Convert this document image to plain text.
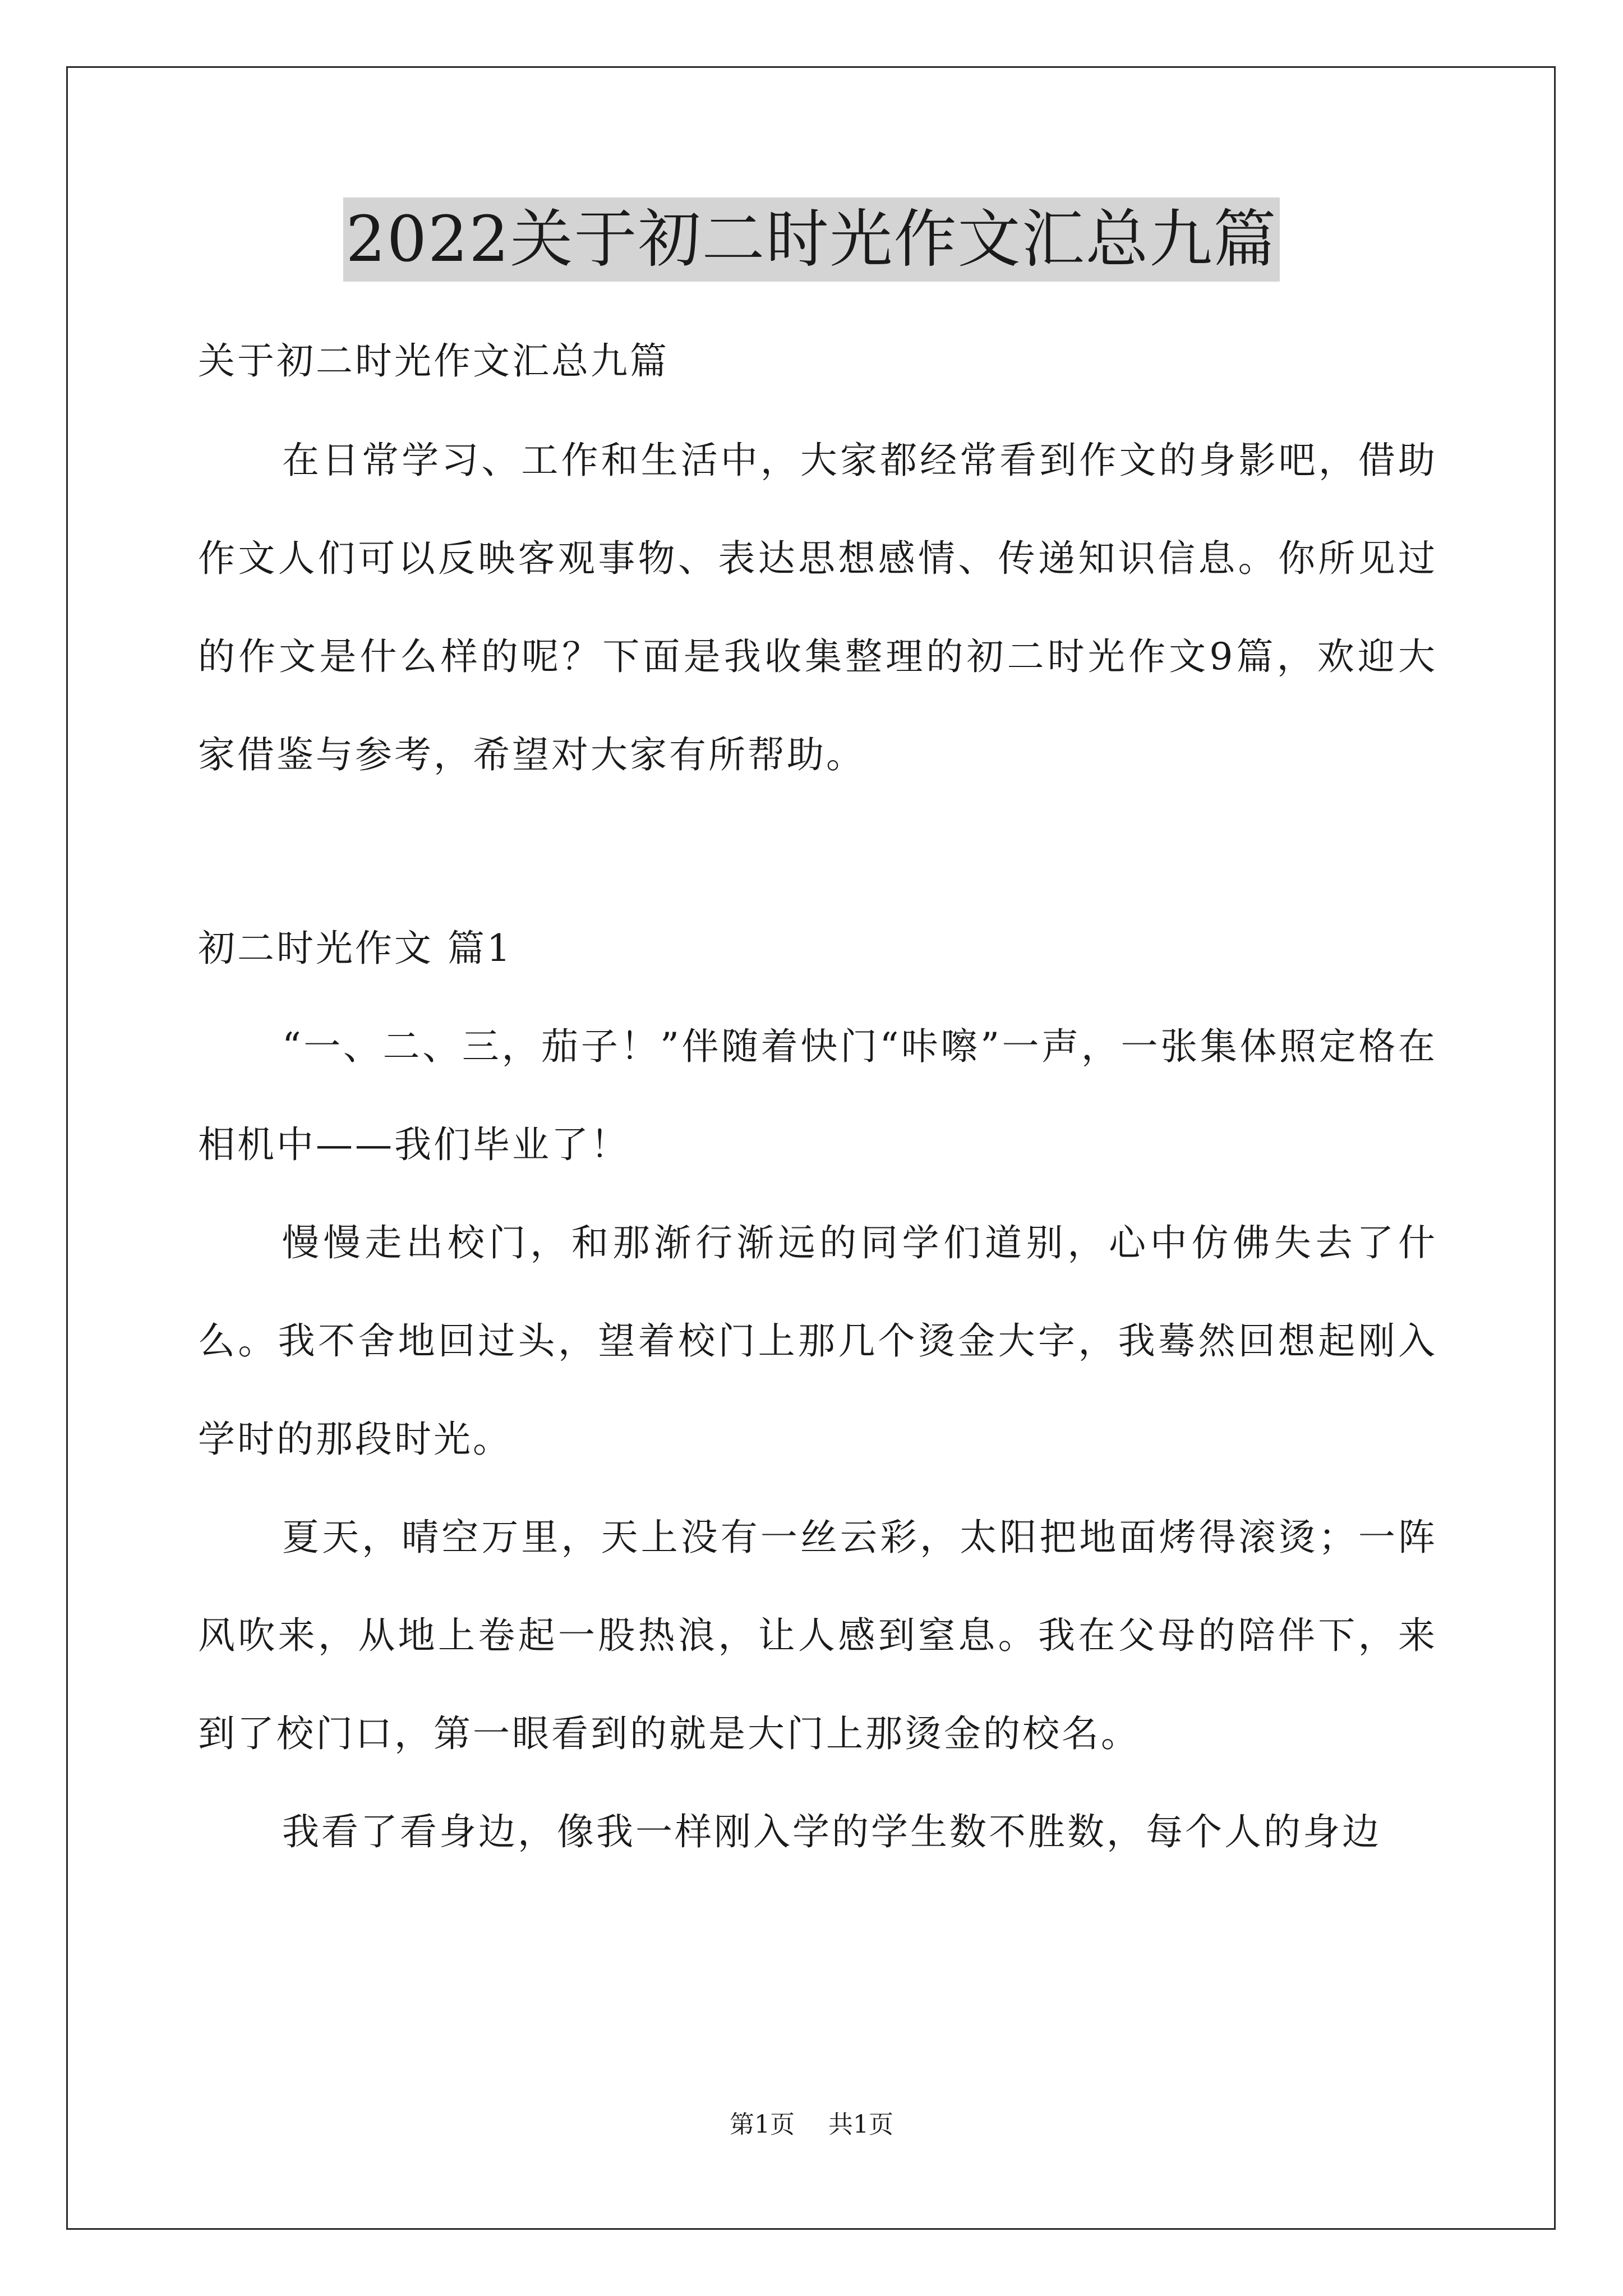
2022关于初二时光作文汇总九篇

关于初二时光作文汇总九篇

在日常学习、工作和生活中，大家都经常看到作文的身影吧，借助作文人们可以反映客观事物、表达思想感情、传递知识信息。你所见过的作文是什么样的呢？下面是我收集整理的初二时光作文9篇，欢迎大家借鉴与参考，希望对大家有所帮助。

初二时光作文 篇1

“一、二、三，茄子！”伴随着快门“咔嚓”一声，一张集体照定格在相机中——我们毕业了！

慢慢走出校门，和那渐行渐远的同学们道别，心中仿佛失去了什么。我不舍地回过头，望着校门上那几个烫金大字，我蓦然回想起刚入学时的那段时光。

夏天，晴空万里，天上没有一丝云彩，太阳把地面烤得滚烫；一阵风吹来，从地上卷起一股热浪，让人感到窒息。我在父母的陪伴下，来到了校门口，第一眼看到的就是大门上那烫金的校名。

我看了看身边，像我一样刚入学的学生数不胜数，每个人的身边

第1页 共1页
